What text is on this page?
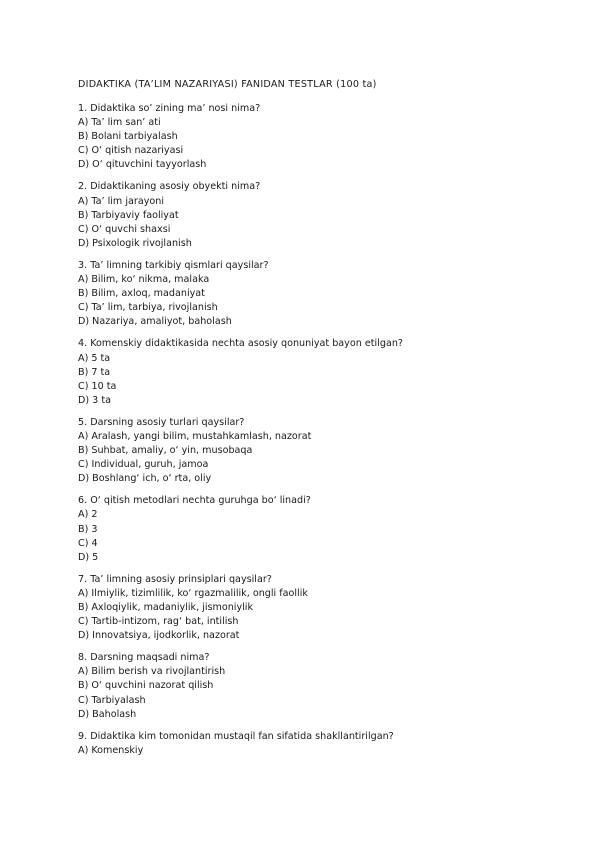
DIDAKTIKA (TA’LIM NAZARIYASI) FANIDAN TESTLAR (100 ta)
1. Didaktika so’ zining ma’ nosi nima?
A) Ta’ lim san’ ati
B) Bolani tarbiyalash
C) O‘ qitish nazariyasi
D) O‘ qituvchini tayyorlash
2. Didaktikaning asosiy obyekti nima?
A) Ta’ lim jarayoni
B) Tarbiyaviy faoliyat
C) O‘ quvchi shaxsi
D) Psixologik rivojlanish
3. Ta’ limning tarkibiy qismlari qaysilar?
A) Bilim, ko‘ nikma, malaka
B) Bilim, axloq, madaniyat
C) Ta’ lim, tarbiya, rivojlanish
D) Nazariya, amaliyot, baholash
4. Komenskiy didaktikasida nechta asosiy qonuniyat bayon etilgan?
A) 5 ta
B) 7 ta
C) 10 ta
D) 3 ta
5. Darsning asosiy turlari qaysilar?
A) Aralash, yangi bilim, mustahkamlash, nazorat
B) Suhbat, amaliy, o‘ yin, musobaqa
C) Individual, guruh, jamoa
D) Boshlang‘ ich, o‘ rta, oliy
6. O‘ qitish metodlari nechta guruhga bo‘ linadi?
A) 2
B) 3
C) 4
D) 5
7. Ta’ limning asosiy prinsiplari qaysilar?
A) Ilmiylik, tizimlilik, ko‘ rgazmalilik, ongli faollik
B) Axloqiylik, madaniylik, jismoniylik
C) Tartib-intizom, rag‘ bat, intilish
D) Innovatsiya, ijodkorlik, nazorat
8. Darsning maqsadi nima?
A) Bilim berish va rivojlantirish
B) O‘ quvchini nazorat qilish
C) Tarbiyalash
D) Baholash
9. Didaktika kim tomonidan mustaqil fan sifatida shakllantirilgan?
A) Komenskiy
